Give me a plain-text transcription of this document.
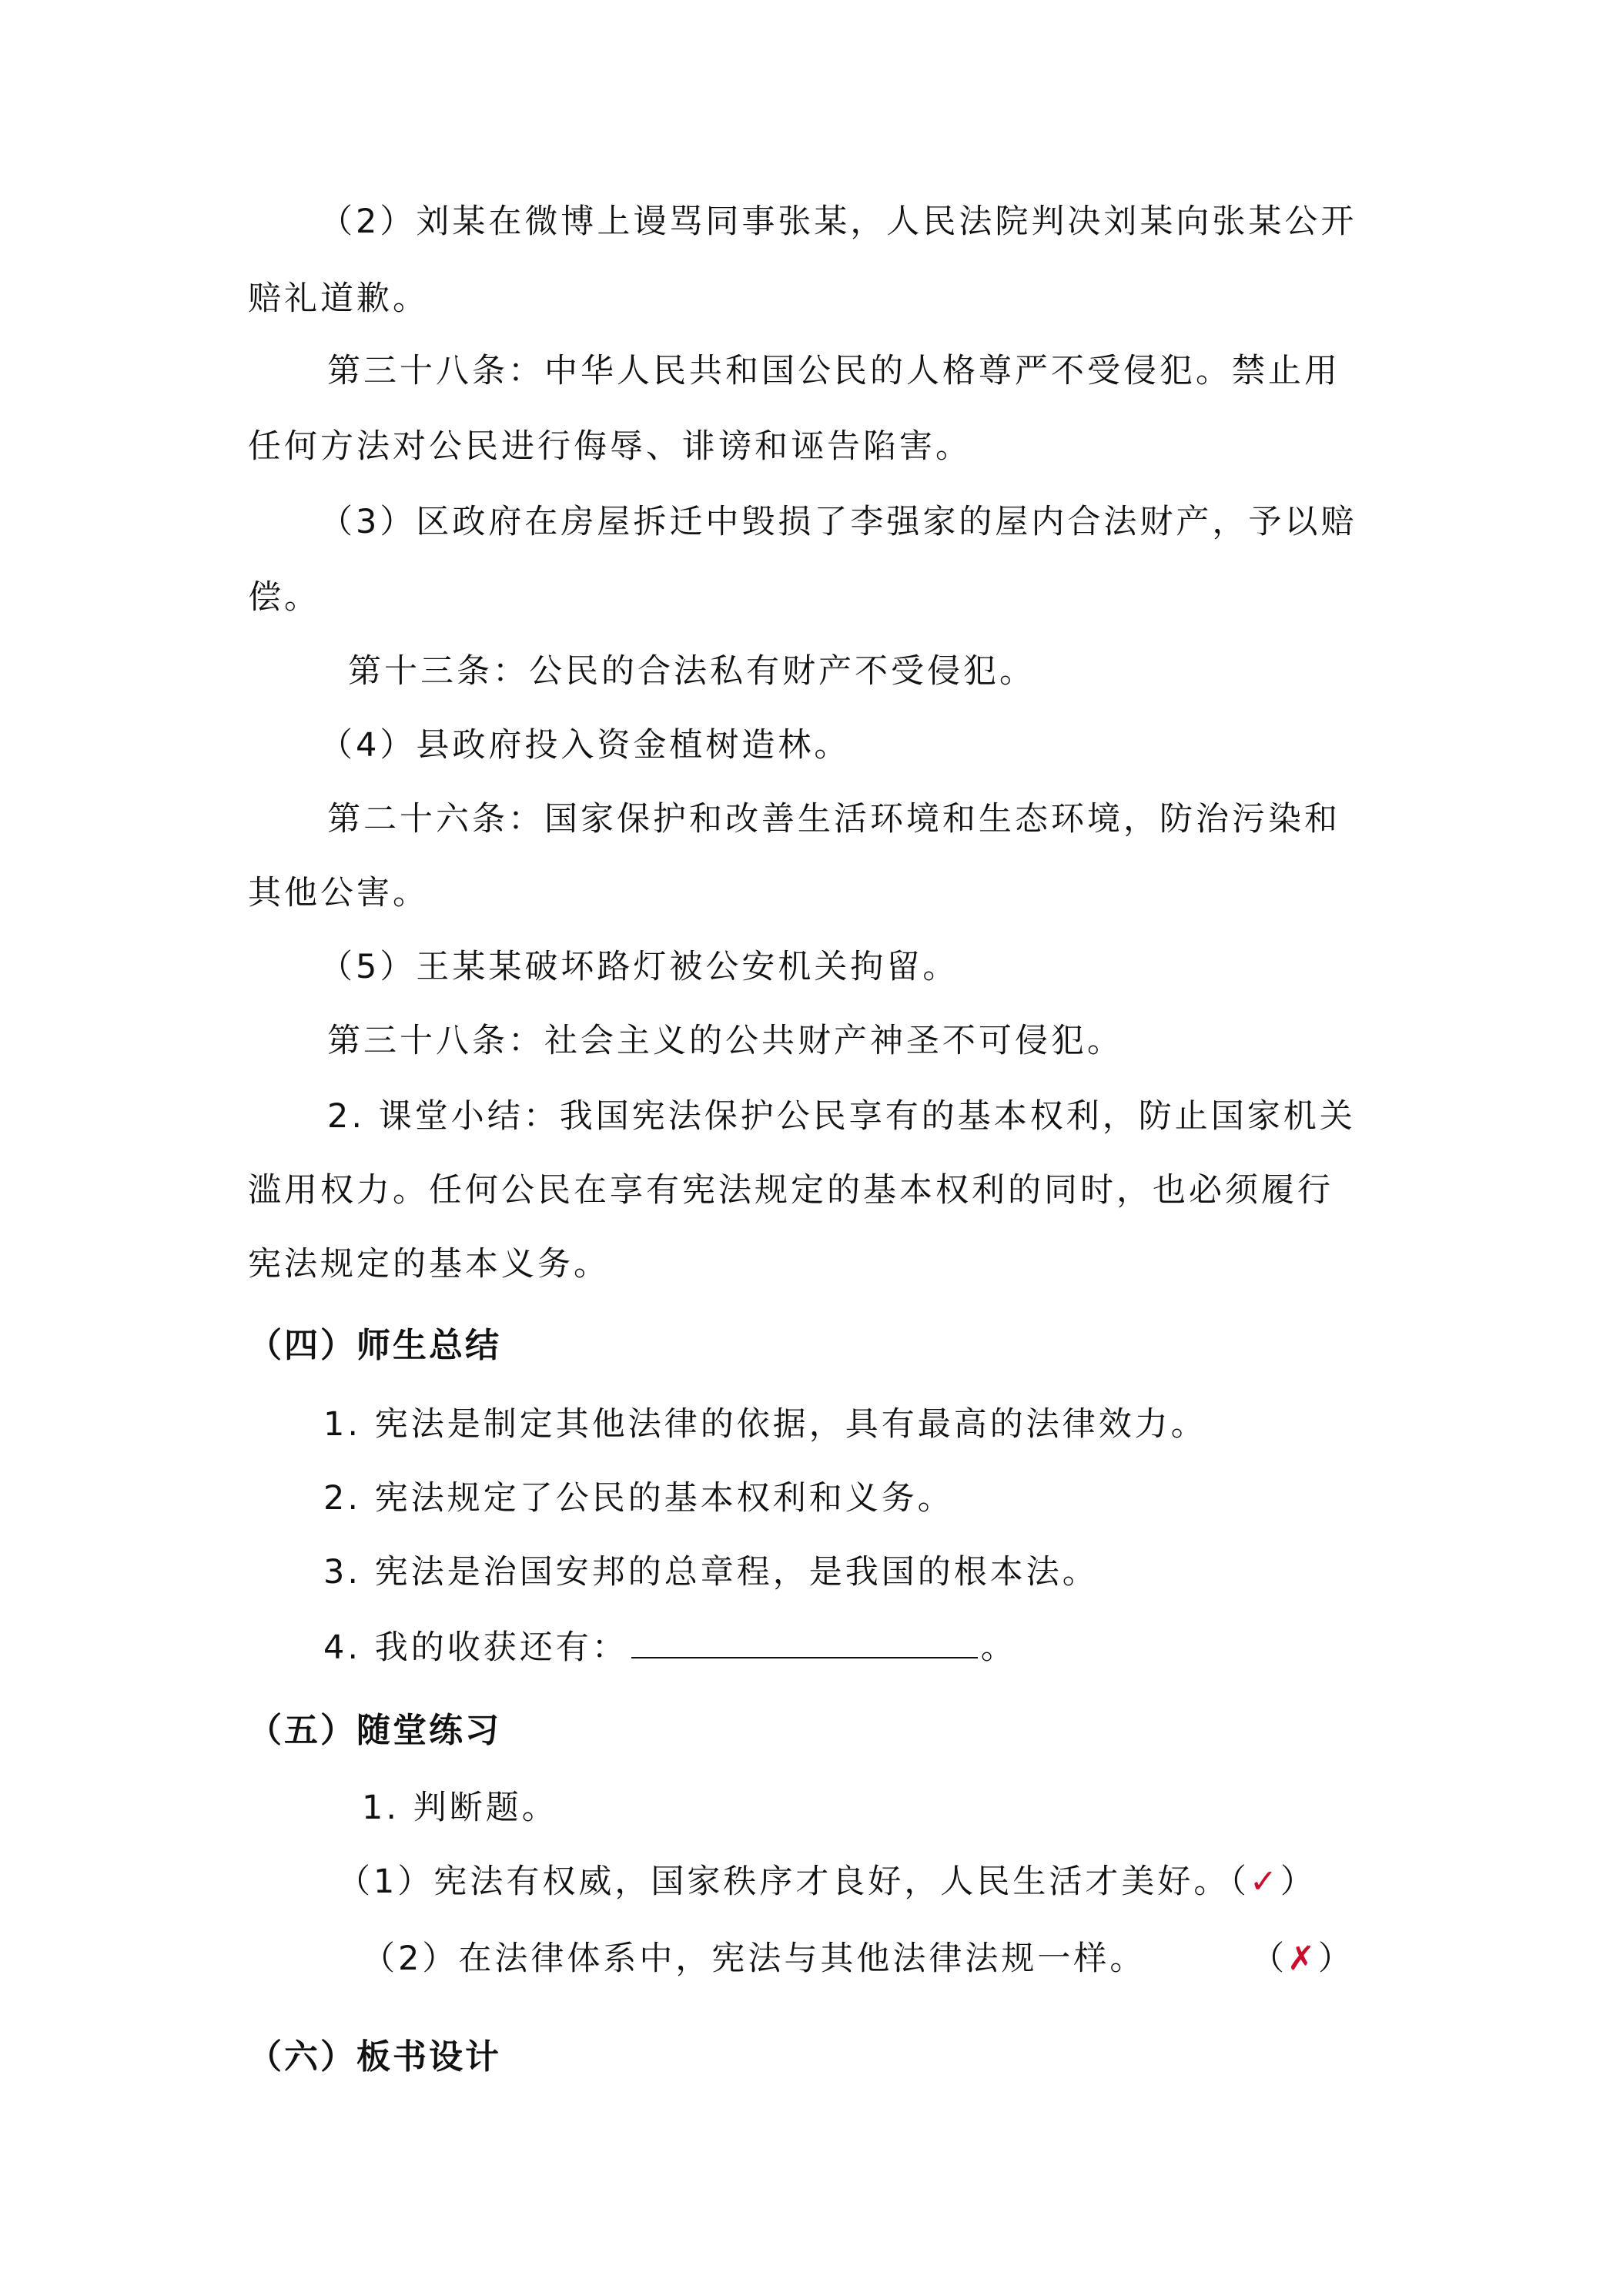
（2）刘某在微博上谩骂同事张某，人民法院判决刘某向张某公开

赔礼道歉。

第三十八条：中华人民共和国公民的人格尊严不受侵犯。禁止用

任何方法对公民进行侮辱、诽谤和诬告陷害。

（3）区政府在房屋拆迁中毁损了李强家的屋内合法财产，予以赔

偿。

第十三条：公民的合法私有财产不受侵犯。

（4）县政府投入资金植树造林。

第二十六条：国家保护和改善生活环境和生态环境，防治污染和

其他公害。

（5）王某某破坏路灯被公安机关拘留。

第三十八条：社会主义的公共财产神圣不可侵犯。

2. 课堂小结：我国宪法保护公民享有的基本权利，防止国家机关

滥用权力。任何公民在享有宪法规定的基本权利的同时，也必须履行

宪法规定的基本义务。

（四）师生总结

1. 宪法是制定其他法律的依据，具有最高的法律效力。

2. 宪法规定了公民的基本权利和义务。

3. 宪法是治国安邦的总章程，是我国的根本法。

4. 我的收获还有：	。

（五）随堂练习

1. 判断题。

（1）宪法有权威，国家秩序才良好，人民生活才美好。（✓）

（2）在法律体系中，宪法与其他法律法规一样。	（✗）

（六）板书设计
